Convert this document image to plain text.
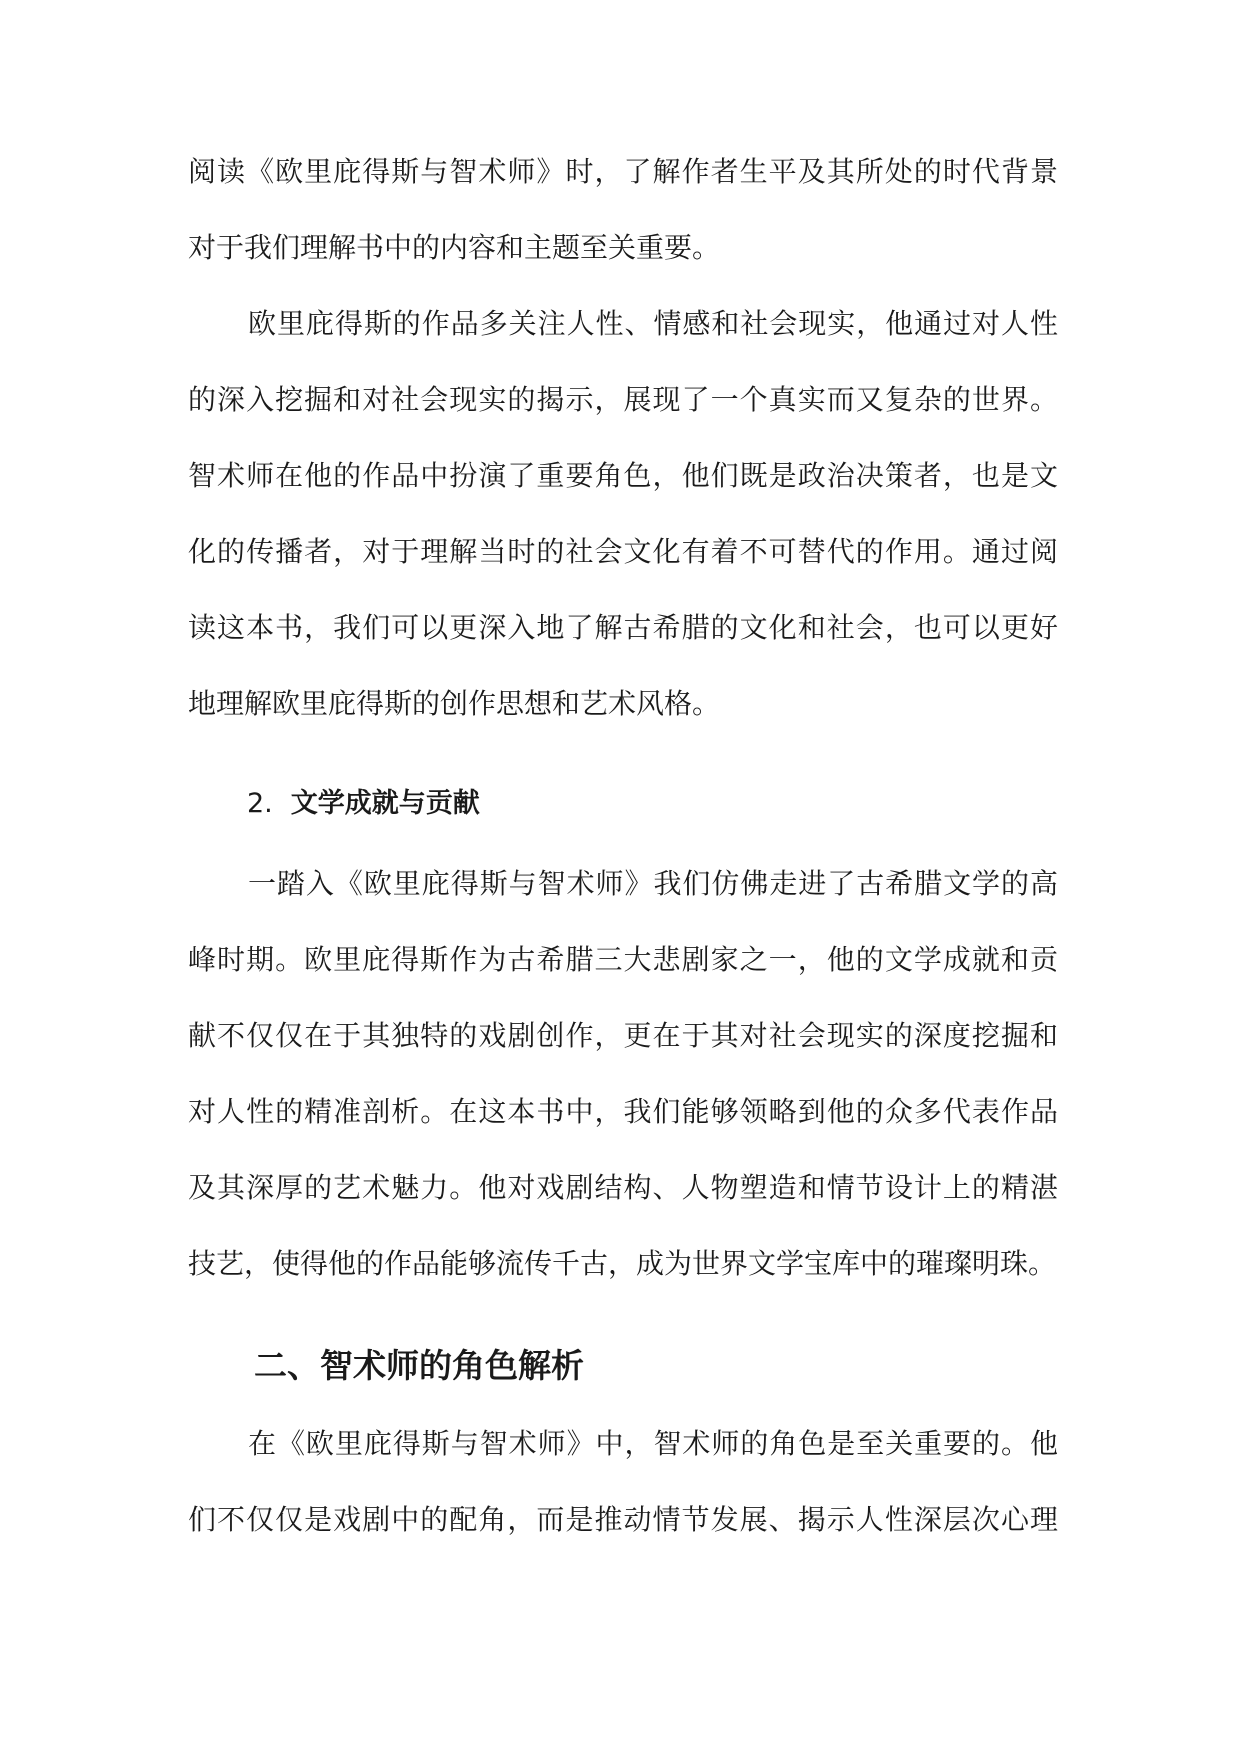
阅读《欧里庇得斯与智术师》时，了解作者生平及其所处的时代背景
对于我们理解书中的内容和主题至关重要。
欧里庇得斯的作品多关注人性、情感和社会现实，他通过对人性
的深入挖掘和对社会现实的揭示，展现了一个真实而又复杂的世界。
智术师在他的作品中扮演了重要角色，他们既是政治决策者，也是文
化的传播者，对于理解当时的社会文化有着不可替代的作用。通过阅
读这本书，我们可以更深入地了解古希腊的文化和社会，也可以更好
地理解欧里庇得斯的创作思想和艺术风格。
2. 文学成就与贡献
一踏入《欧里庇得斯与智术师》我们仿佛走进了古希腊文学的高
峰时期。欧里庇得斯作为古希腊三大悲剧家之一，他的文学成就和贡
献不仅仅在于其独特的戏剧创作，更在于其对社会现实的深度挖掘和
对人性的精准剖析。在这本书中，我们能够领略到他的众多代表作品
及其深厚的艺术魅力。他对戏剧结构、人物塑造和情节设计上的精湛
技艺，使得他的作品能够流传千古，成为世界文学宝库中的璀璨明珠。
二、智术师的角色解析
在《欧里庇得斯与智术师》中，智术师的角色是至关重要的。他
们不仅仅是戏剧中的配角，而是推动情节发展、揭示人性深层次心理
